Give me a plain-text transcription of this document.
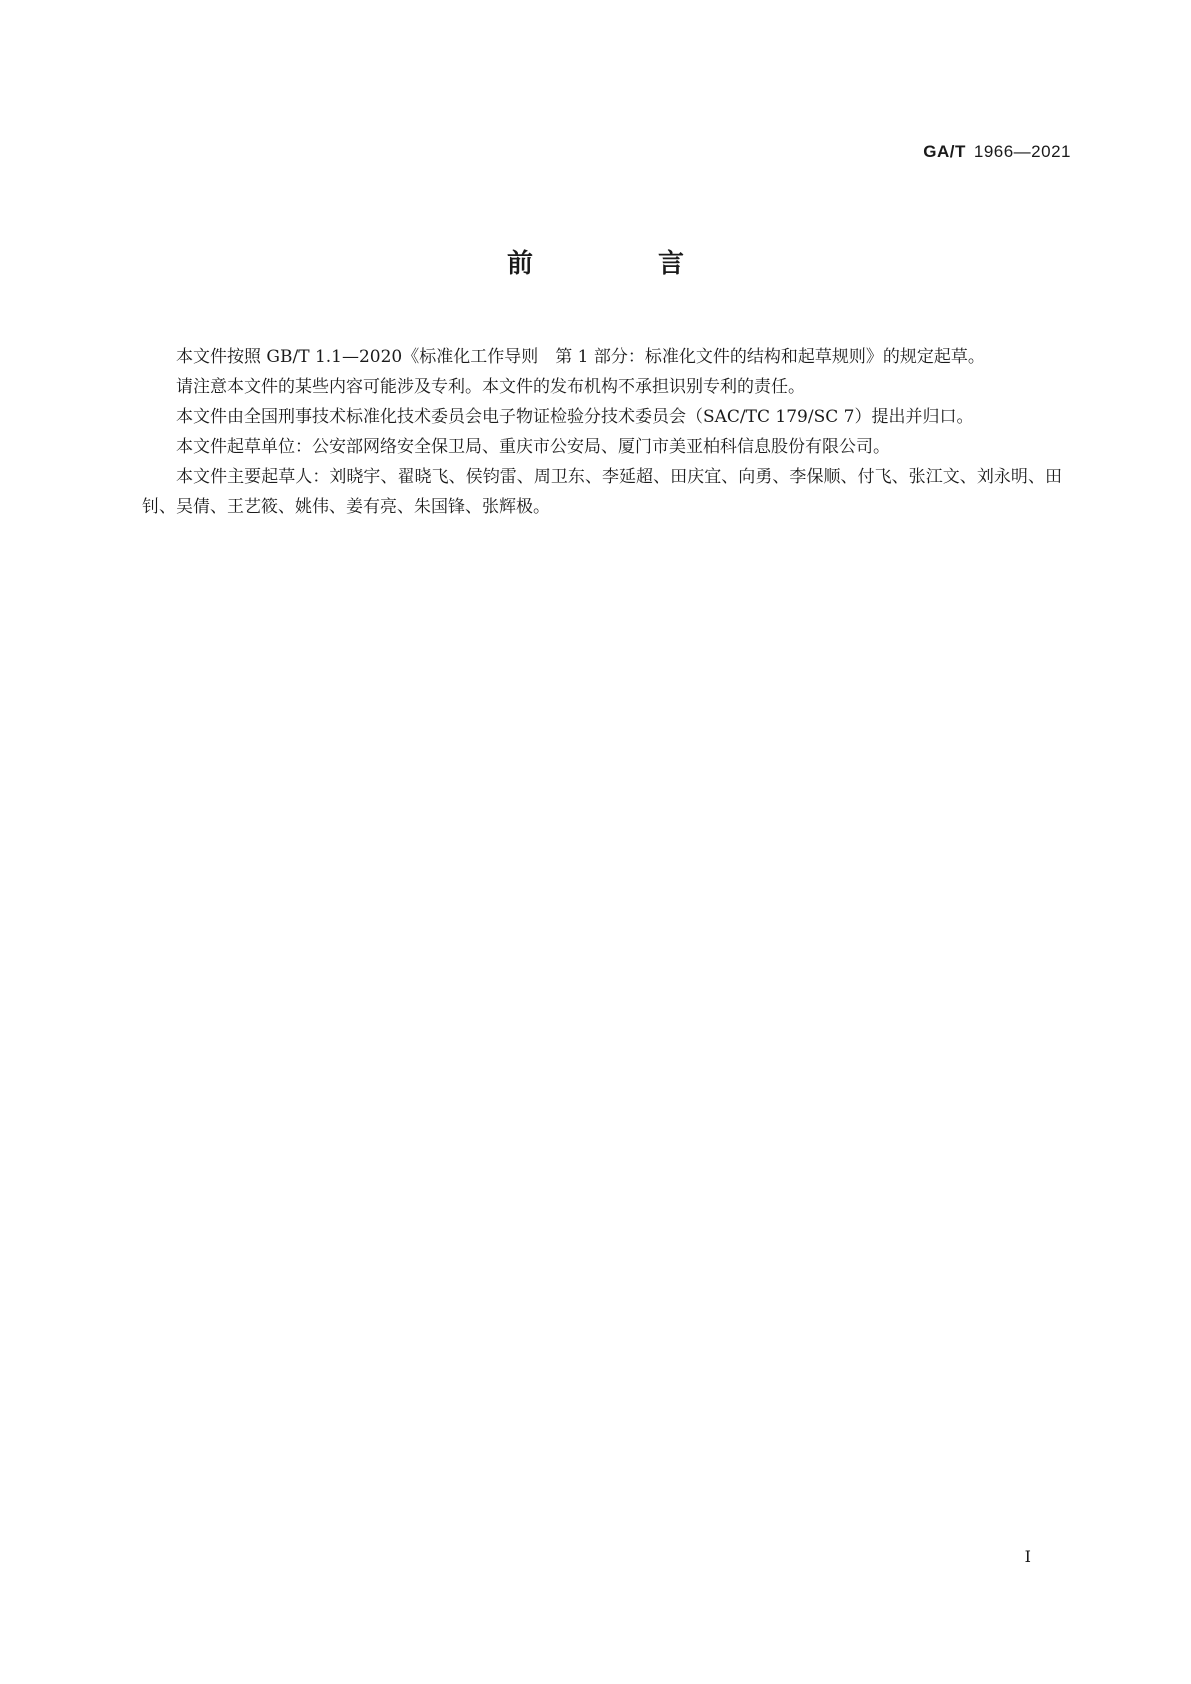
GA/T 1966—2021
前 言

本文件按照 GB/T 1.1—2020《标准化工作导则　第 1 部分：标准化文件的结构和起草规则》的规定起草。

请注意本文件的某些内容可能涉及专利。本文件的发布机构不承担识别专利的责任。

本文件由全国刑事技术标准化技术委员会电子物证检验分技术委员会（SAC/TC 179/SC 7）提出并归口。

本文件起草单位：公安部网络安全保卫局、重庆市公安局、厦门市美亚柏科信息股份有限公司。

本文件主要起草人：刘晓宇、翟晓飞、侯钧雷、周卫东、李延超、田庆宜、向勇、李保顺、付飞、张江文、刘永明、田钊、吴倩、王艺筱、姚伟、姜有亮、朱国锋、张辉极。

I
